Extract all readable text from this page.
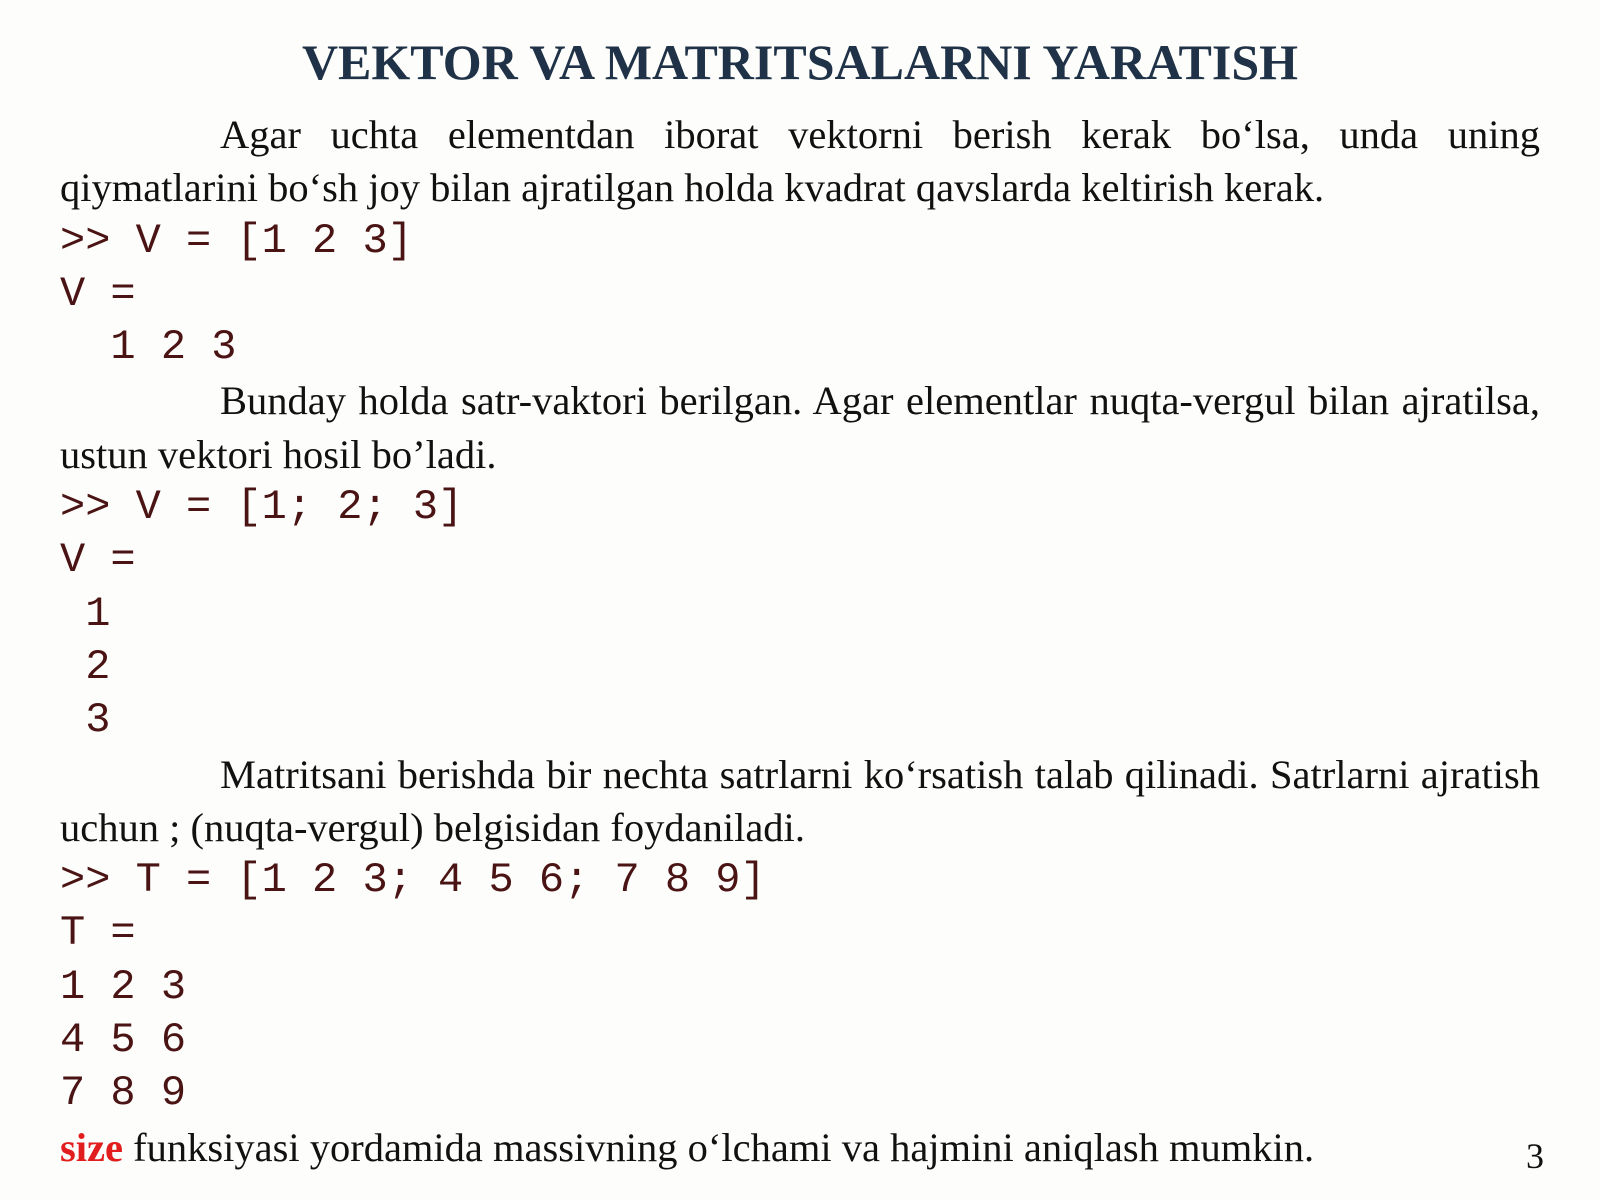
VEKTOR VA MATRITSALARNI YARATISH

Agar uchta elementdan iborat vektorni berish kerak bo‘lsa, unda uning qiymatlarini bo‘sh joy bilan ajratilgan holda kvadrat qavslarda keltirish kerak.

>> V = [1 2 3]
V =
1 2 3

Bunday holda satr-vaktori berilgan. Agar elementlar nuqta-vergul bilan ajratilsa, ustun vektori hosil bo’ladi.

>> V = [1; 2; 3]
V =
1
2
3

Matritsani berishda bir nechta satrlarni ko‘rsatish talab qilinadi. Satrlarni ajratish uchun ; (nuqta-vergul) belgisidan foydaniladi.

>> T = [1 2 3; 4 5 6; 7 8 9]
T =
1 2 3
4 5 6
7 8 9

size funksiyasi yordamida massivning o‘lchami va hajmini aniqlash mumkin.	3
